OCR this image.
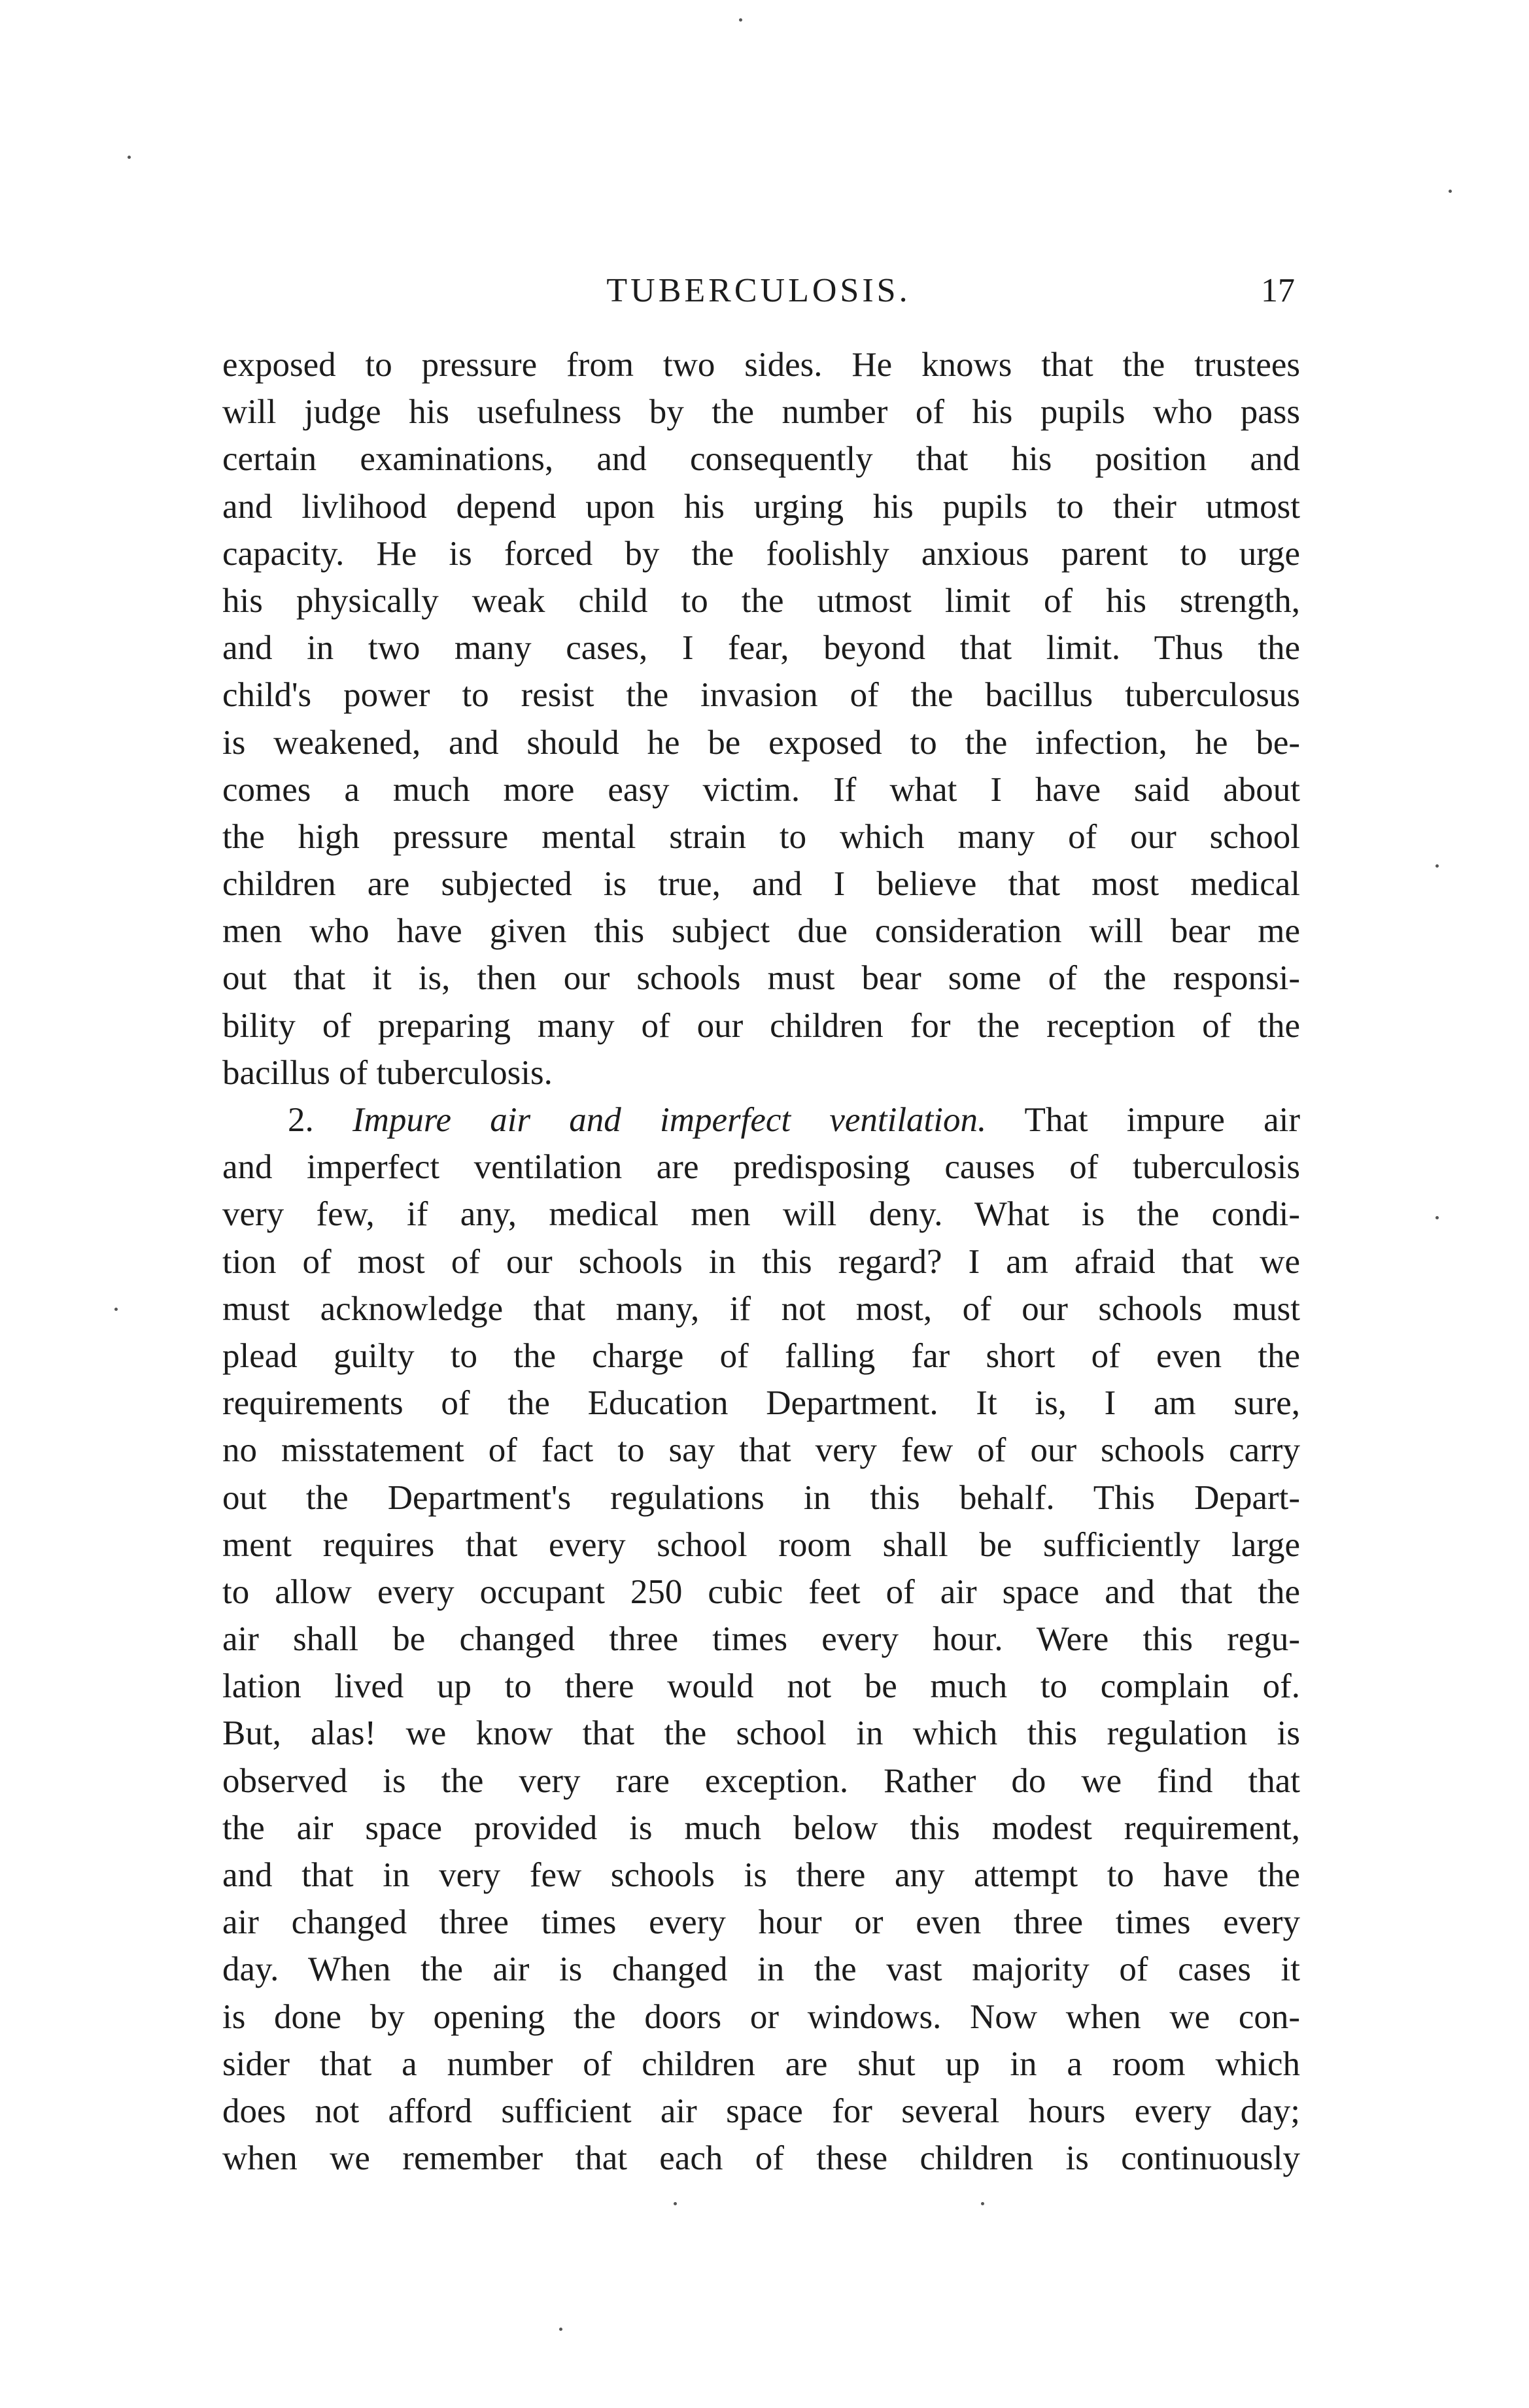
TUBERCULOSIS.	17
exposed to pressure from two sides. He knows that the trustees
will judge his usefulness by the number of his pupils who pass
certain examinations, and consequently that his position and
and livlihood depend upon his urging his pupils to their utmost
capacity. He is forced by the foolishly anxious parent to urge
his physically weak child to the utmost limit of his strength,
and in two many cases, I fear, beyond that limit. Thus the
child's power to resist the invasion of the bacillus tuberculosus
is weakened, and should he be exposed to the infection, he be-
comes a much more easy victim. If what I have said about
the high pressure mental strain to which many of our school
children are subjected is true, and I believe that most medical
men who have given this subject due consideration will bear me
out that it is, then our schools must bear some of the responsi-
bility of preparing many of our children for the reception of the
bacillus of tuberculosis.
2. Impure air and imperfect ventilation. That impure air
and imperfect ventilation are predisposing causes of tuberculosis
very few, if any, medical men will deny. What is the condi-
tion of most of our schools in this regard? I am afraid that we
must acknowledge that many, if not most, of our schools must
plead guilty to the charge of falling far short of even the
requirements of the Education Department. It is, I am sure,
no misstatement of fact to say that very few of our schools carry
out the Department's regulations in this behalf. This Depart-
ment requires that every school room shall be sufficiently large
to allow every occupant 250 cubic feet of air space and that the
air shall be changed three times every hour. Were this regu-
lation lived up to there would not be much to complain of.
But, alas! we know that the school in which this regulation is
observed is the very rare exception. Rather do we find that
the air space provided is much below this modest requirement,
and that in very few schools is there any attempt to have the
air changed three times every hour or even three times every
day. When the air is changed in the vast majority of cases it
is done by opening the doors or windows. Now when we con-
sider that a number of children are shut up in a room which
does not afford sufficient air space for several hours every day;
when we remember that each of these children is continuously
